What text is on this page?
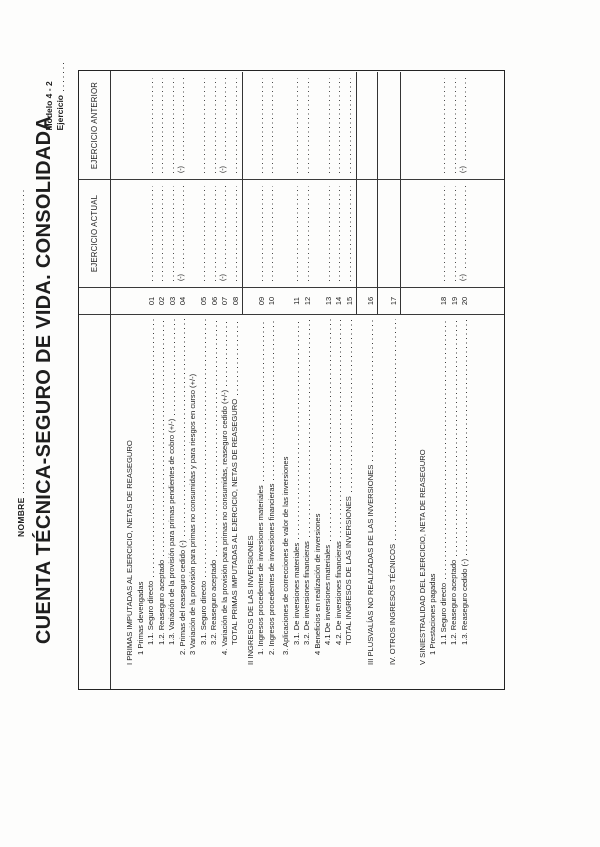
NOMBRE CUENTA TÉCNICA-SEGURO DE VIDA. CONSOLIDADA
Modelo 4 - 2 Ejercicio
EJERCICIO ACTUAL
EJERCICIO ANTERIOR
I PRIMAS IMPUTADAS AL EJERCICIO, NETAS DE REASEGURO 1 Primas devengadas 1.1. Seguro directo
01
1.2. Reaseguro aceptado
02
1.3. Variación de la provisión para primas pendientes de cobro (+/-)
03
2. Primas del reaseguro cedido (-)
04
(-)
(-)
3 Variación de la provisión para primas no consumidas y para riesgos en curso (+/-) 3.1. Seguro directo
05
3.2. Reaseguro aceptado
06
4. Variación de la provisión para primas no consumidas, reaseguro cedido (+/-)
07
(-)
(-)
TOTAL PRIMAS IMPUTADAS AL EJERCICIO, NETAS DE REASEGURO
08
II INGRESOS DE LAS INVERSIONES 1. Ingresos procedentes de inversiones materiales
09
2. Ingresos procedentes de inversiones financieras
10
3. Aplicaciones de correcciones de valor de las inversiones 3.1. De inversiones materiales
11
3.2. De inversiones financieras
12
4 Beneficios en realización de inversiones 4.1 De inversiones materiales
13
4.2. De inversiones financieras
14
TOTAL INGRESOS DE LAS INVERSIONES
15
III PLUSVALÍAS NO REALIZADAS DE LAS INVERSIONES
16
IV. OTROS INGRESOS TÉCNICOS
17
V SINIESTRALIDAD DEL EJERCICIO, NETA DE REASEGURO 1 Prestaciones pagadas 1.1 Seguro directo
18
1.2. Reaseguro aceptado
19
1.3. Reaseguro cedido (-)
20
(-)
(-)
